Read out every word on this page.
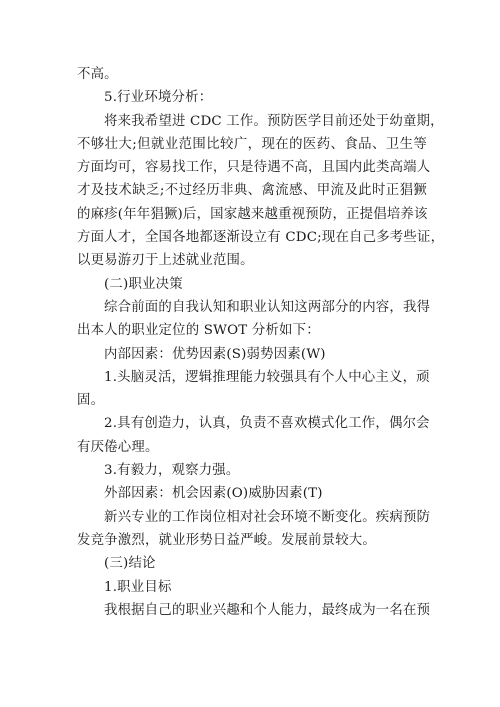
不高。
5.行业环境分析：
将来我希望进 CDC 工作。预防医学目前还处于幼童期，
不够壮大;但就业范围比较广，现在的医药、食品、卫生等
方面均可，容易找工作，只是待遇不高，且国内此类高端人
才及技术缺乏;不过经历非典、禽流感、甲流及此时正猖獗
的麻疹(年年猖獗)后，国家越来越重视预防，正提倡培养该
方面人才，全国各地都逐渐设立有 CDC;现在自己多考些证，
以更易游刃于上述就业范围。
(二)职业决策
综合前面的自我认知和职业认知这两部分的内容，我得
出本人的职业定位的 SWOT 分析如下：
内部因素：优势因素(S)弱势因素(W)
1.头脑灵活，逻辑推理能力较强具有个人中心主义，顽
固。
2.具有创造力，认真，负责不喜欢模式化工作，偶尔会
有厌倦心理。
3.有毅力，观察力强。
外部因素：机会因素(O)威胁因素(T)
新兴专业的工作岗位相对社会环境不断变化。疾病预防
发竞争激烈，就业形势日益严峻。发展前景较大。
(三)结论
1.职业目标
我根据自己的职业兴趣和个人能力，最终成为一名在预
